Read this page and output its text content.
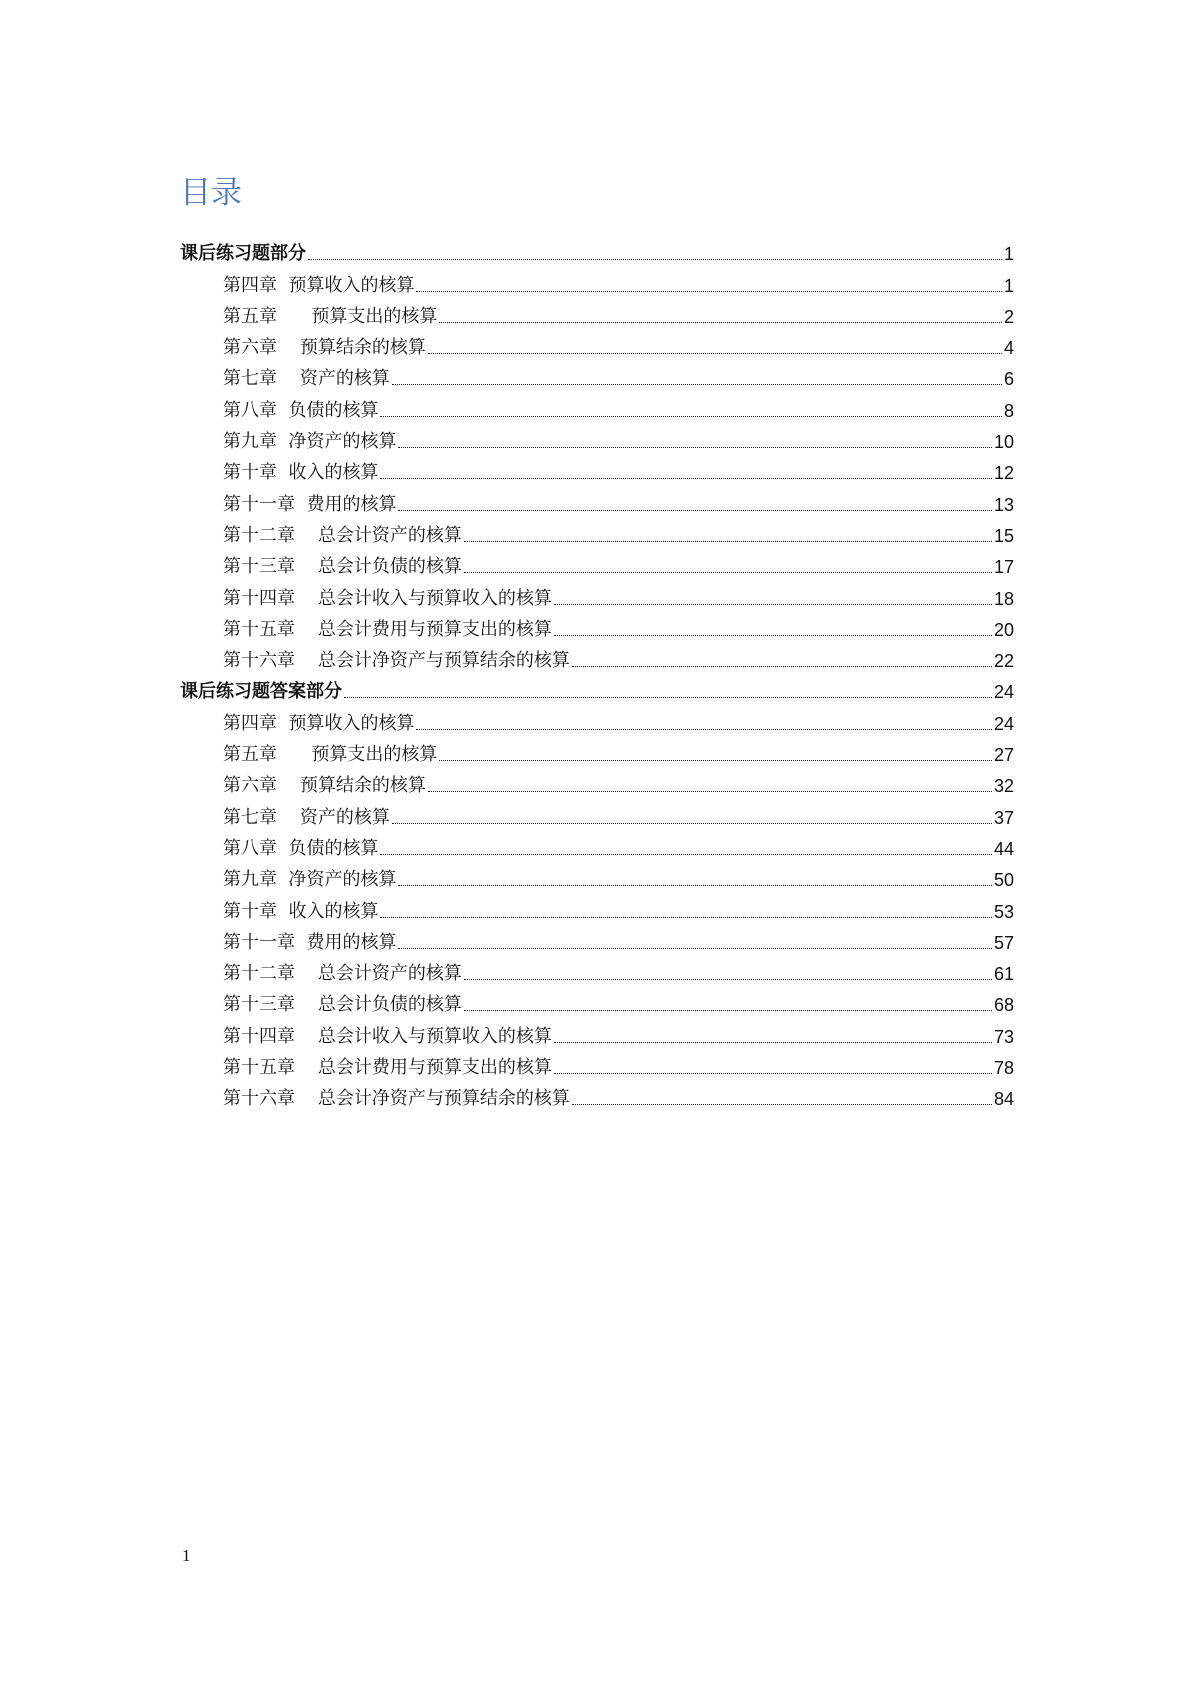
目录
课后练习题部分	1
第四章  预算收入的核算	1
第五章      预算支出的核算	2
第六章    预算结余的核算	4
第七章    资产的核算	6
第八章  负债的核算	8
第九章  净资产的核算	10
第十章  收入的核算	12
第十一章  费用的核算	13
第十二章    总会计资产的核算	15
第十三章    总会计负债的核算	17
第十四章    总会计收入与预算收入的核算	18
第十五章    总会计费用与预算支出的核算	20
第十六章    总会计净资产与预算结余的核算	22
课后练习题答案部分	24
第四章  预算收入的核算	24
第五章      预算支出的核算	27
第六章    预算结余的核算	32
第七章    资产的核算	37
第八章  负债的核算	44
第九章  净资产的核算	50
第十章  收入的核算	53
第十一章  费用的核算	57
第十二章    总会计资产的核算	61
第十三章    总会计负债的核算	68
第十四章    总会计收入与预算收入的核算	73
第十五章    总会计费用与预算支出的核算	78
第十六章    总会计净资产与预算结余的核算	84
1
